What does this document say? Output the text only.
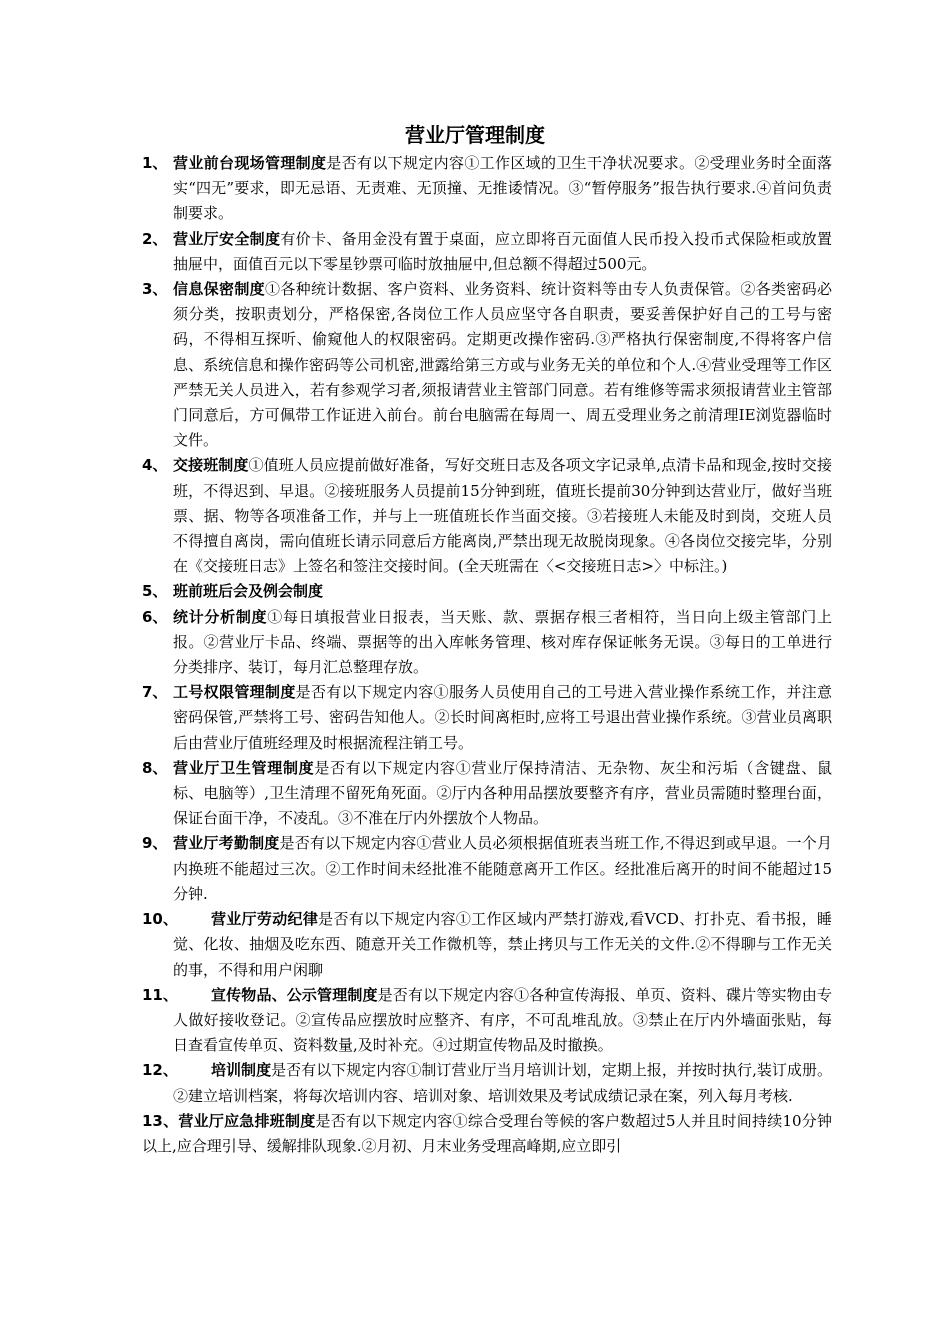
营业厅管理制度
1、 营业前台现场管理制度是否有以下规定内容①工作区域的卫生干净状况要求。②受理业务时全面落实“四无”要求，即无忌语、无责难、无顶撞、无推诿情况。③“暂停服务”报告执行要求.④首问负责制要求。
2、 营业厅安全制度有价卡、备用金没有置于桌面，应立即将百元面值人民币投入投币式保险柜或放置抽屉中，面值百元以下零星钞票可临时放抽屉中,但总额不得超过500元。
3、 信息保密制度①各种统计数据、客户资料、业务资料、统计资料等由专人负责保管。②各类密码必须分类，按职责划分，严格保密,各岗位工作人员应坚守各自职责，要妥善保护好自己的工号与密码，不得相互探听、偷窥他人的权限密码。定期更改操作密码.③严格执行保密制度,不得将客户信息、系统信息和操作密码等公司机密,泄露给第三方或与业务无关的单位和个人.④营业受理等工作区严禁无关人员进入，若有参观学习者,须报请营业主管部门同意。若有维修等需求须报请营业主管部门同意后，方可佩带工作证进入前台。前台电脑需在每周一、周五受理业务之前清理IE浏览器临时文件。
4、 交接班制度①值班人员应提前做好准备，写好交班日志及各项文字记录单,点清卡品和现金,按时交接班，不得迟到、早退。②接班服务人员提前15分钟到班，值班长提前30分钟到达营业厅，做好当班票、据、物等各项准备工作，并与上一班值班长作当面交接。③若接班人未能及时到岗，交班人员不得擅自离岗，需向值班长请示同意后方能离岗,严禁出现无故脱岗现象。④各岗位交接完毕，分别在《交接班日志》上签名和签注交接时间。(全天班需在〈<交接班日志>〉中标注。)
5、 班前班后会及例会制度
6、 统计分析制度①每日填报营业日报表，当天账、款、票据存根三者相符，当日向上级主管部门上报。②营业厅卡品、终端、票据等的出入库帐务管理、核对库存保证帐务无误。③每日的工单进行分类排序、装订，每月汇总整理存放。
7、 工号权限管理制度是否有以下规定内容①服务人员使用自己的工号进入营业操作系统工作，并注意密码保管,严禁将工号、密码告知他人。②长时间离柜时,应将工号退出营业操作系统。③营业员离职后由营业厅值班经理及时根据流程注销工号。
8、 营业厅卫生管理制度是否有以下规定内容①营业厅保持清洁、无杂物、灰尘和污垢（含键盘、鼠标、电脑等）,卫生清理不留死角死面。②厅内各种用品摆放要整齐有序，营业员需随时整理台面，保证台面干净，不凌乱。③不准在厅内外摆放个人物品。
9、 营业厅考勤制度是否有以下规定内容①营业人员必须根据值班表当班工作,不得迟到或早退。一个月内换班不能超过三次。②工作时间未经批准不能随意离开工作区。经批准后离开的时间不能超过15分钟.
10、	营业厅劳动纪律是否有以下规定内容①工作区域内严禁打游戏,看VCD、打扑克、看书报，睡觉、化妆、抽烟及吃东西、随意开关工作微机等，禁止拷贝与工作无关的文件.②不得聊与工作无关的事，不得和用户闲聊
11、	宣传物品、公示管理制度是否有以下规定内容①各种宣传海报、单页、资料、碟片等实物由专人做好接收登记。②宣传品应摆放时应整齐、有序，不可乱堆乱放。③禁止在厅内外墙面张贴，每日查看宣传单页、资料数量,及时补充。④过期宣传物品及时撤换。
12、	培训制度是否有以下规定内容①制订营业厅当月培训计划，定期上报，并按时执行,装订成册。②建立培训档案，将每次培训内容、培训对象、培训效果及考试成绩记录在案，列入每月考核.
13、营业厅应急排班制度是否有以下规定内容①综合受理台等候的客户数超过5人并且时间持续10分钟以上,应合理引导、缓解排队现象.②月初、月末业务受理高峰期,应立即引
